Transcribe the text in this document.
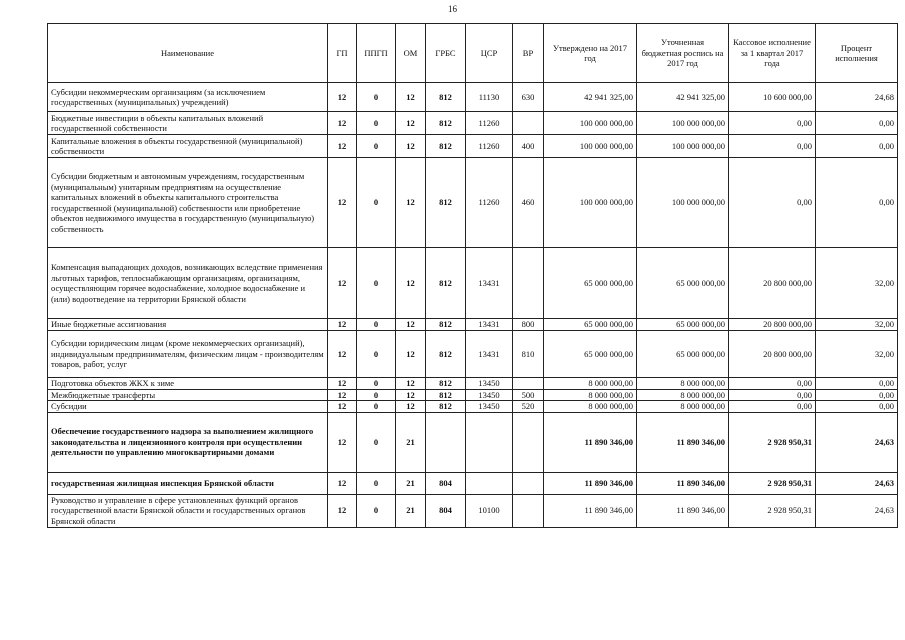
16
Наименование	ГП	ППГП	ОМ	ГРБС	ЦСР	ВР	Утверждено на 2017 год	Уточненная бюджетная роспись на 2017 год	Кассовое исполнение за 1 квартал 2017 года	Процент исполнения
Субсидии некоммерческим организациям (за исключением государственных (муниципальных) учреждений)	12	0	12	812	11130	630	42 941 325,00	42 941 325,00	10 600 000,00	24,68
Бюджетные инвестиции в объекты капитальных вложений государственной собственности	12	0	12	812	11260		100 000 000,00	100 000 000,00	0,00	0,00
Капитальные вложения в объекты государственной (муниципальной) собственности	12	0	12	812	11260	400	100 000 000,00	100 000 000,00	0,00	0,00
Субсидии бюджетным и автономным учреждениям, государственным (муниципальным) унитарным предприятиям на осуществление капитальных вложений в объекты капитального строительства государственной (муниципальной) собственности или приобретение объектов недвижимого имущества в государственную (муниципальную) собственность	12	0	12	812	11260	460	100 000 000,00	100 000 000,00	0,00	0,00
Компенсация выпадающих доходов, возникающих вследствие применения льготных тарифов, теплоснабжающим организациям, организациям, осуществляющим горячее водоснабжение, холодное водоснабжение и (или) водоотведение на территории Брянской области	12	0	12	812	13431		65 000 000,00	65 000 000,00	20 800 000,00	32,00
Иные бюджетные ассигнования	12	0	12	812	13431	800	65 000 000,00	65 000 000,00	20 800 000,00	32,00
Субсидии юридическим лицам (кроме некоммерческих организаций), индивидуальным предпринимателям, физическим лицам - производителям товаров, работ, услуг	12	0	12	812	13431	810	65 000 000,00	65 000 000,00	20 800 000,00	32,00
Подготовка объектов ЖКХ к зиме	12	0	12	812	13450		8 000 000,00	8 000 000,00	0,00	0,00
Межбюджетные трансферты	12	0	12	812	13450	500	8 000 000,00	8 000 000,00	0,00	0,00
Субсидии	12	0	12	812	13450	520	8 000 000,00	8 000 000,00	0,00	0,00
Обеспечение государственного надзора за выполнением жилищного законодательства и лицензионного контроля при осуществлении деятельности по управлению многоквартирными домами	12	0	21				11 890 346,00	11 890 346,00	2 928 950,31	24,63
государственная жилищная инспекция Брянской области	12	0	21	804			11 890 346,00	11 890 346,00	2 928 950,31	24,63
Руководство и управление в сфере установленных функций органов государственной власти Брянской области и государственных органов Брянской области	12	0	21	804	10100		11 890 346,00	11 890 346,00	2 928 950,31	24,63
